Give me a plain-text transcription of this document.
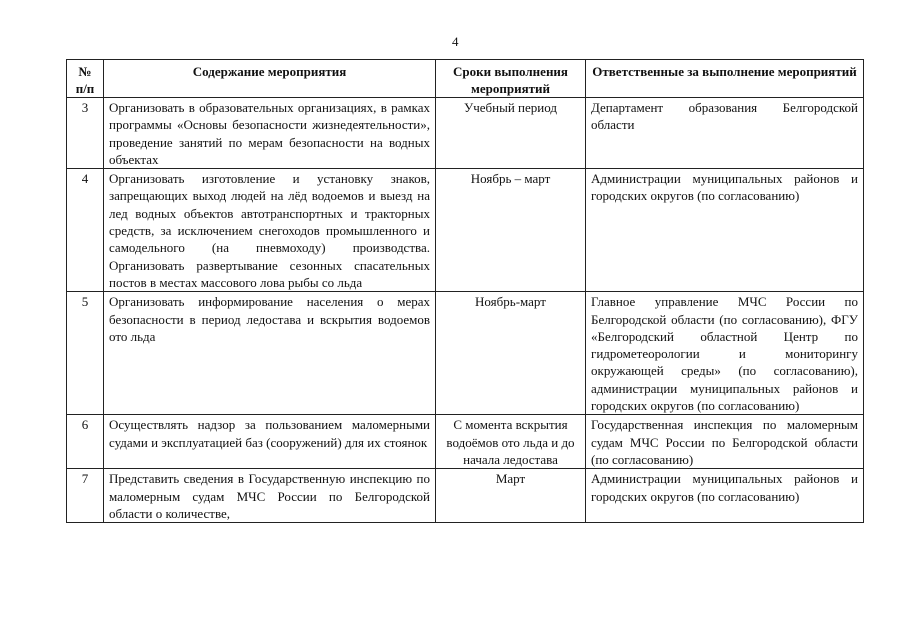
4
№ п/п	Содержание мероприятия	Сроки выполнения мероприятий	Ответственные за выполнение мероприятий
3	Организовать в образовательных организациях, в рамках программы «Основы безопасности жизнедеятельности», проведение занятий по мерам безопасности на водных объектах	Учебный период	Департамент образования Белгородской области
4	Организовать изготовление и установку знаков, запрещающих выход людей на лёд водоемов и выезд на лед водных объектов автотранспортных и тракторных средств, за исключением снегоходов промышленного и самодельного (на пневмоходу) производства. Организовать развертывание сезонных спасательных постов в местах массового лова рыбы со льда	Ноябрь – март	Администрации муниципальных районов и городских округов (по согласованию)
5	Организовать информирование населения о мерах безопасности в период ледостава и вскрытия водоемов ото льда	Ноябрь-март	Главное управление МЧС России по Белгородской области (по согласованию), ФГУ «Белгородский областной Центр по гидрометеорологии и мониторингу окружающей среды» (по согласованию), администрации муниципальных районов и городских округов (по согласованию)
6	Осуществлять надзор за пользованием маломерными судами и эксплуатацией баз (сооружений) для их стоянок	С момента вскрытия водоёмов ото льда и до начала ледостава	Государственная инспекция по маломерным судам МЧС России по Белгородской области (по согласованию)
7	Представить сведения в Государственную инспекцию по маломерным судам МЧС России по Белгородской области о количестве,	Март	Администрации муниципальных районов и городских округов (по согласованию)
